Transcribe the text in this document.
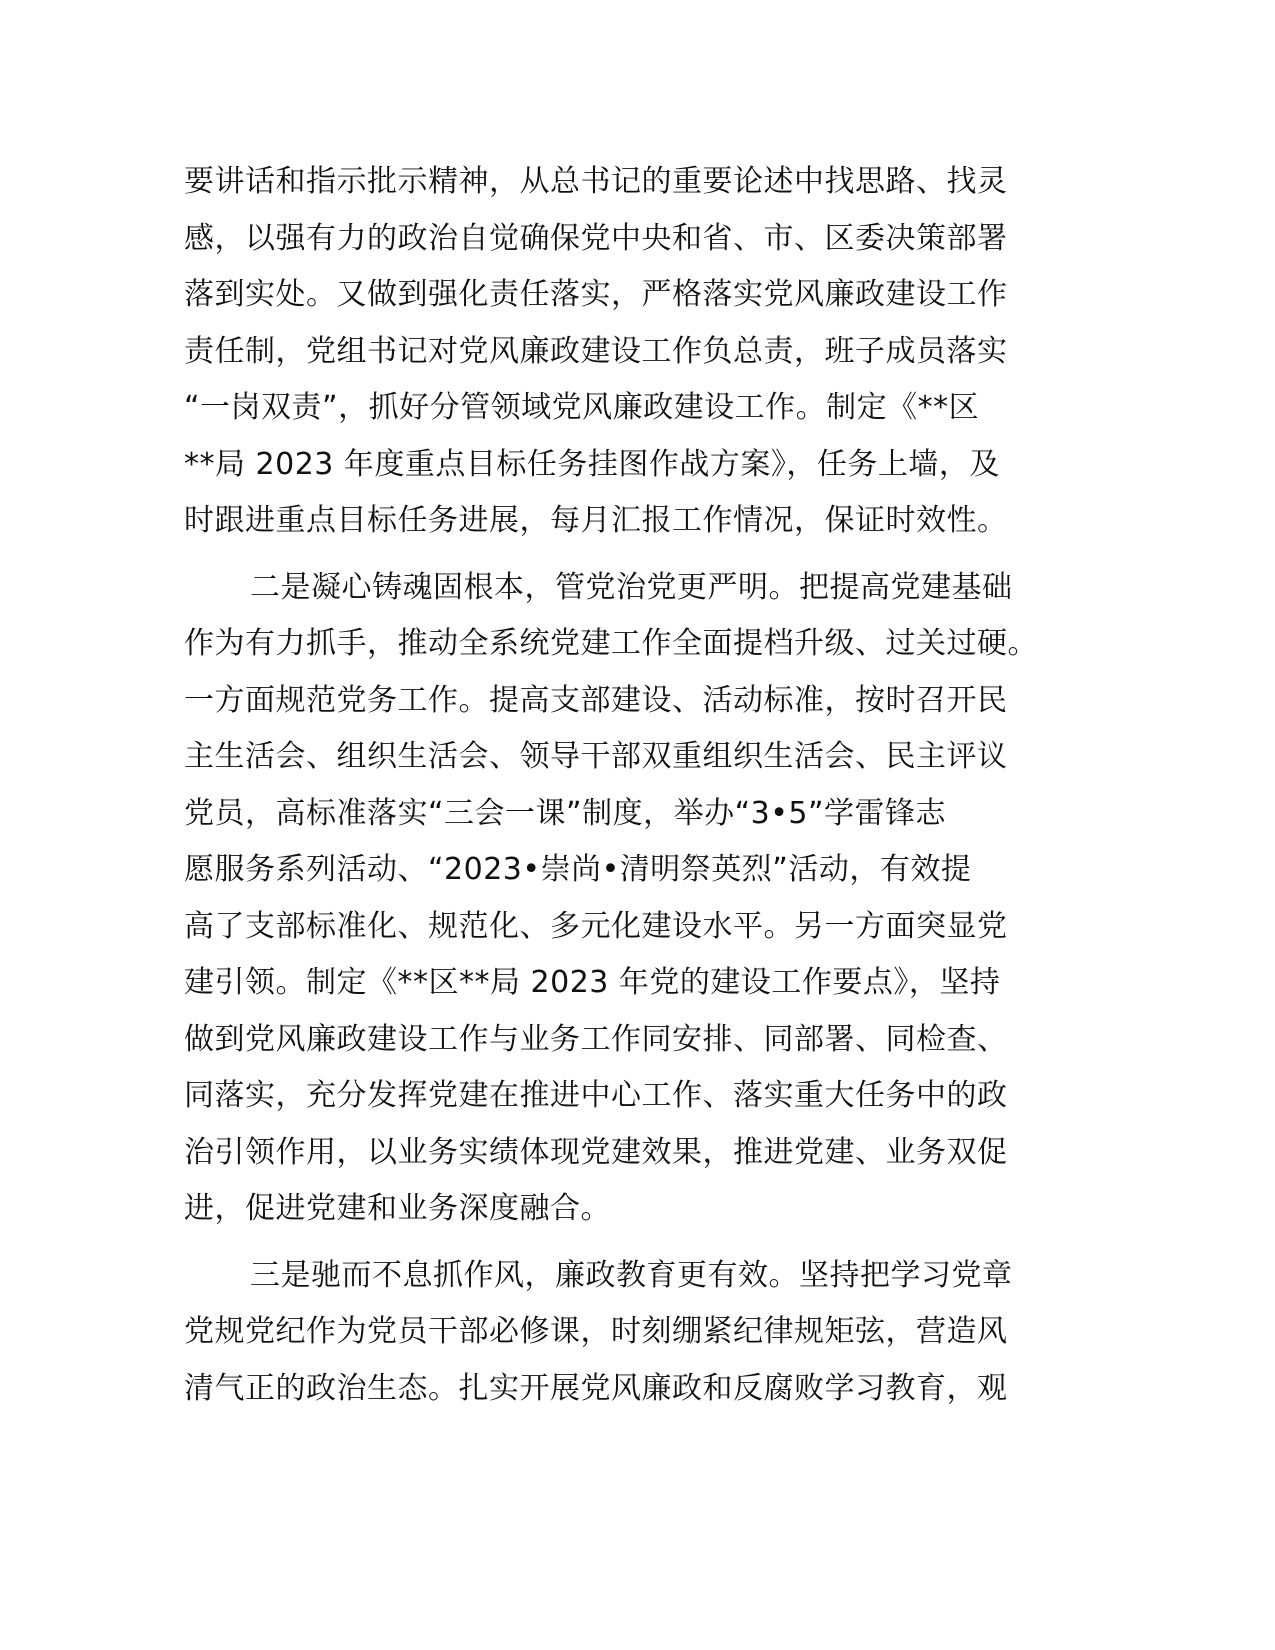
要讲话和指示批示精神，从总书记的重要论述中找思路、找灵
感，以强有力的政治自觉确保党中央和省、市、区委决策部署
落到实处。又做到强化责任落实，严格落实党风廉政建设工作
责任制，党组书记对党风廉政建设工作负总责，班子成员落实
“一岗双责”，抓好分管领域党风廉政建设工作。制定《**区
**局 2023 年度重点目标任务挂图作战方案》，任务上墙，及
时跟进重点目标任务进展，每月汇报工作情况，保证时效性。
二是凝心铸魂固根本，管党治党更严明。把提高党建基础
作为有力抓手，推动全系统党建工作全面提档升级、过关过硬。
一方面规范党务工作。提高支部建设、活动标准，按时召开民
主生活会、组织生活会、领导干部双重组织生活会、民主评议
党员，高标准落实“三会一课”制度，举办“3•5”学雷锋志
愿服务系列活动、“2023•崇尚•清明祭英烈”活动，有效提
高了支部标准化、规范化、多元化建设水平。另一方面突显党
建引领。制定《**区**局 2023 年党的建设工作要点》，坚持
做到党风廉政建设工作与业务工作同安排、同部署、同检查、
同落实，充分发挥党建在推进中心工作、落实重大任务中的政
治引领作用，以业务实绩体现党建效果，推进党建、业务双促
进，促进党建和业务深度融合。
三是驰而不息抓作风，廉政教育更有效。坚持把学习党章
党规党纪作为党员干部必修课，时刻绷紧纪律规矩弦，营造风
清气正的政治生态。扎实开展党风廉政和反腐败学习教育，观
